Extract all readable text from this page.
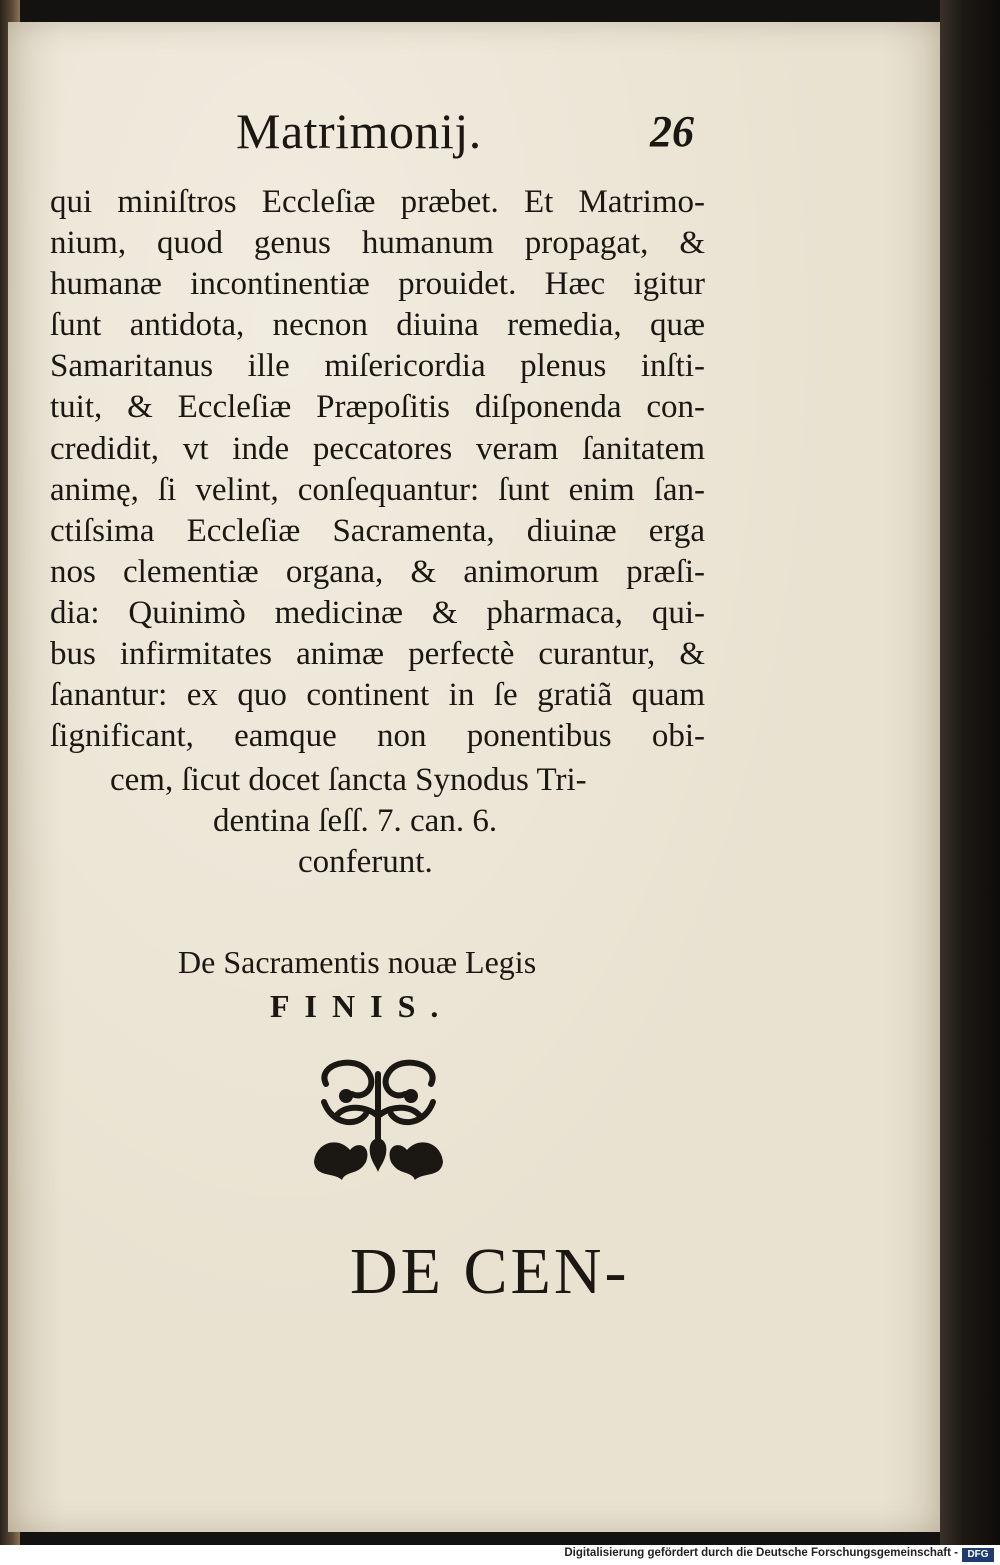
Matrimonij.	26
qui miniſtros Eccleſiæ præbet. Et Matrimo-
nium, quod genus humanum propagat, &
humanæ incontinentiæ prouidet. Hæc igitur
ſunt antidota, necnon diuina remedia, quæ
Samaritanus ille miſericordia plenus inſti-
tuit, & Eccleſiæ Præpoſitis diſponenda con-
credidit, vt inde peccatores veram ſanitatem
animę, ſi velint, conſequantur: ſunt enim ſan-
ctiſsima Eccleſiæ Sacramenta, diuinæ erga
nos clementiæ organa, & animorum præſi-
dia: Quinimò medicinæ & pharmaca, qui-
bus infirmitates animæ perfectè curantur, &
ſanantur: ex quo continent in ſe gratiã quam
ſignificant, eamque non ponentibus obi-
cem, ſicut docet ſancta Synodus Tri-
dentina ſeſſ. 7. can. 6.
conferunt.
De Sacramentis nouæ Legis
FINIS.
DE CEN-
Digitalisierung gefördert durch die Deutsche Forschungsgemeinschaft - DFG
